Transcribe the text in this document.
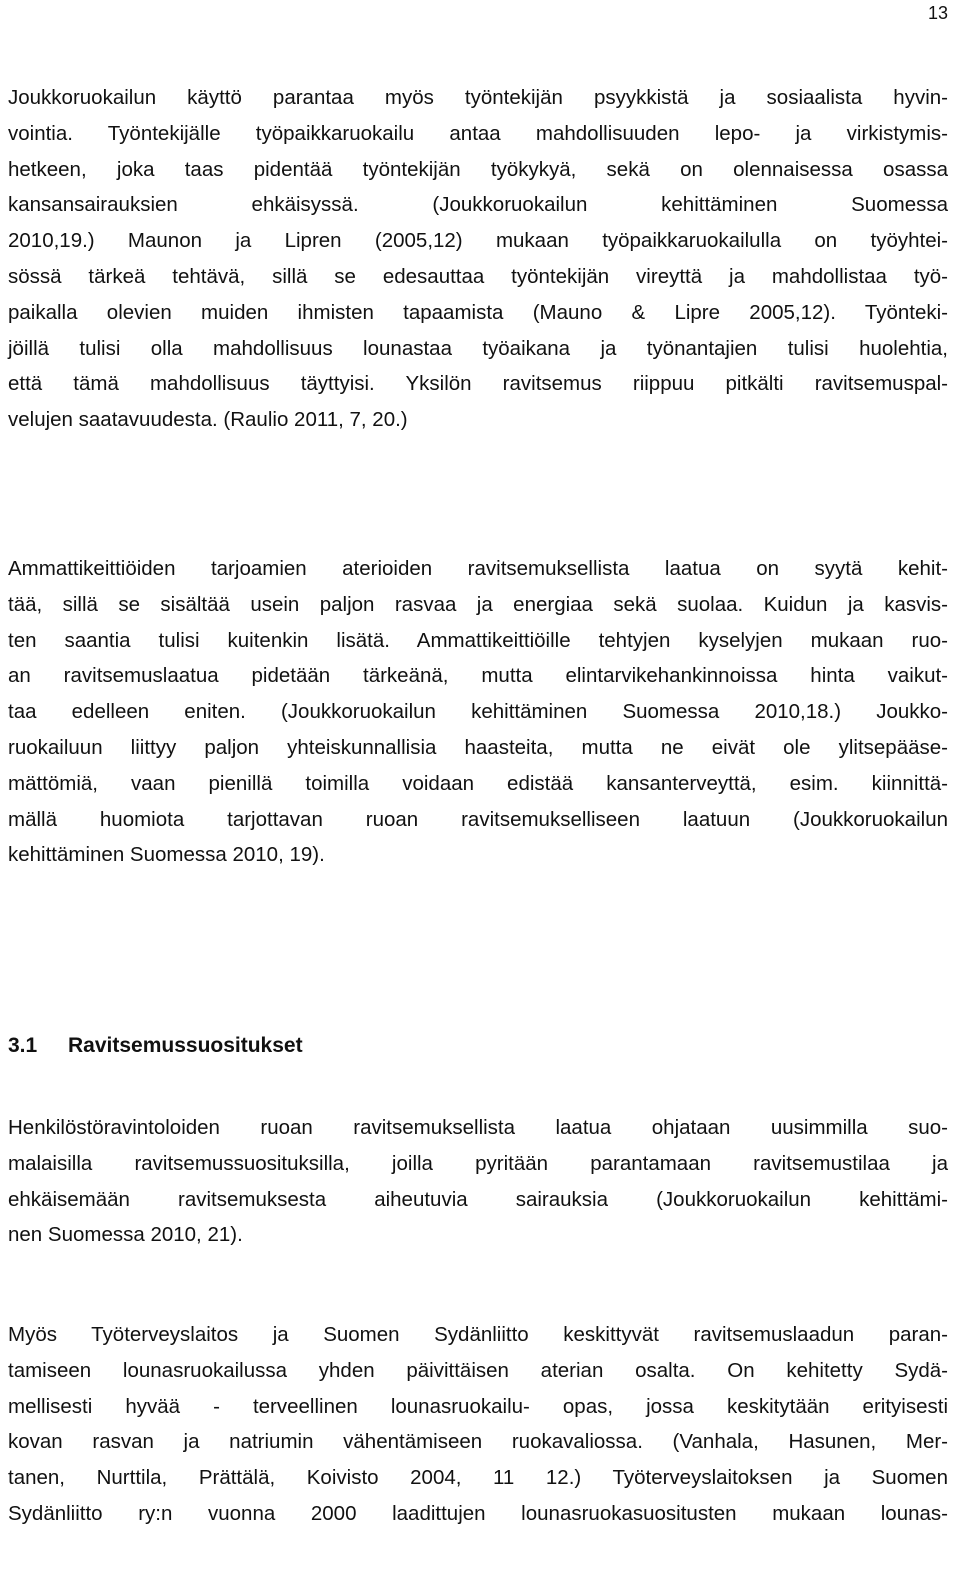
13
Joukkoruokailun käyttö parantaa myös työntekijän psyykkistä ja sosiaalista hyvin-
vointia. Työntekijälle työpaikkaruokailu antaa mahdollisuuden lepo- ja virkistymis-
hetkeen, joka taas pidentää työntekijän työkykyä, sekä on olennaisessa osassa
kansansairauksien ehkäisyssä. (Joukkoruokailun kehittäminen Suomessa
2010,19.) Maunon ja Lipren (2005,12) mukaan työpaikkaruokailulla on työyhtei-
sössä tärkeä tehtävä, sillä se edesauttaa työntekijän vireyttä ja mahdollistaa työ-
paikalla olevien muiden ihmisten tapaamista (Mauno & Lipre 2005,12). Työnteki-
jöillä tulisi olla mahdollisuus lounastaa työaikana ja työnantajien tulisi huolehtia,
että tämä mahdollisuus täyttyisi. Yksilön ravitsemus riippuu pitkälti ravitsemuspal-
velujen saatavuudesta. (Raulio 2011, 7, 20.)
Ammattikeittiöiden tarjoamien aterioiden ravitsemuksellista laatua on syytä kehit-
tää, sillä se sisältää usein paljon rasvaa ja energiaa sekä suolaa. Kuidun ja kasvis-
ten saantia tulisi kuitenkin lisätä. Ammattikeittiöille tehtyjen kyselyjen mukaan ruo-
an ravitsemuslaatua pidetään tärkeänä, mutta elintarvikehankinnoissa hinta vaikut-
taa edelleen eniten. (Joukkoruokailun kehittäminen Suomessa 2010,18.) Joukko-
ruokailuun liittyy paljon yhteiskunnallisia haasteita, mutta ne eivät ole ylitsepääse-
mättömiä, vaan pienillä toimilla voidaan edistää kansanterveyttä, esim. kiinnittä-
mällä huomiota tarjottavan ruoan ravitsemukselliseen laatuun (Joukkoruokailun
kehittäminen Suomessa 2010, 19).
3.1 Ravitsemussuositukset
Henkilöstöravintoloiden ruoan ravitsemuksellista laatua ohjataan uusimmilla suo-
malaisilla ravitsemussuosituksilla, joilla pyritään parantamaan ravitsemustilaa ja
ehkäisemään ravitsemuksesta aiheutuvia sairauksia (Joukkoruokailun kehittämi-
nen Suomessa 2010, 21).
Myös Työterveyslaitos ja Suomen Sydänliitto keskittyvät ravitsemuslaadun paran-
tamiseen lounasruokailussa yhden päivittäisen aterian osalta. On kehitetty Sydä-
mellisesti hyvää - terveellinen lounasruokailu- opas, jossa keskitytään erityisesti
kovan rasvan ja natriumin vähentämiseen ruokavaliossa. (Vanhala, Hasunen, Mer-
tanen, Nurttila, Prättälä, Koivisto 2004, 11 12.) Työterveyslaitoksen ja Suomen
Sydänliitto ry:n vuonna 2000 laadittujen lounasruokasuositusten mukaan lounas-
